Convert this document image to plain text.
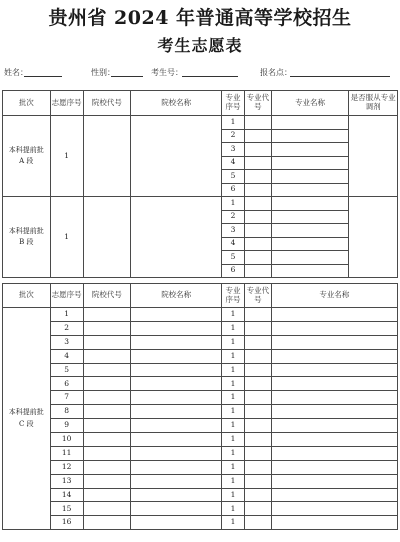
贵州省 2024 年普通高等学校招生
考生志愿表
姓名：	性别：	考生号：	报名点：
批次	志愿序号	院校代号	院校名称	专业序号	专业代号	专业名称	是否服从专业调剂

本科提前批
A 段	1			1			
				2			
				3			
				4			
				5			
				6			

本科提前批
B 段	1			1			
				2			
				3			
				4			
				5			
				6			
批次	志愿序号	院校代号	院校名称	专业序号	专业代号	专业名称

本科提前批
C 段	1			1		
	2			1		
	3			1		
	4			1		
	5			1		
	6			1		
	7			1		
	8			1		
	9			1		
	10			1		
	11			1		
	12			1		
	13			1		
	14			1		
	15			1		
	16			1		
